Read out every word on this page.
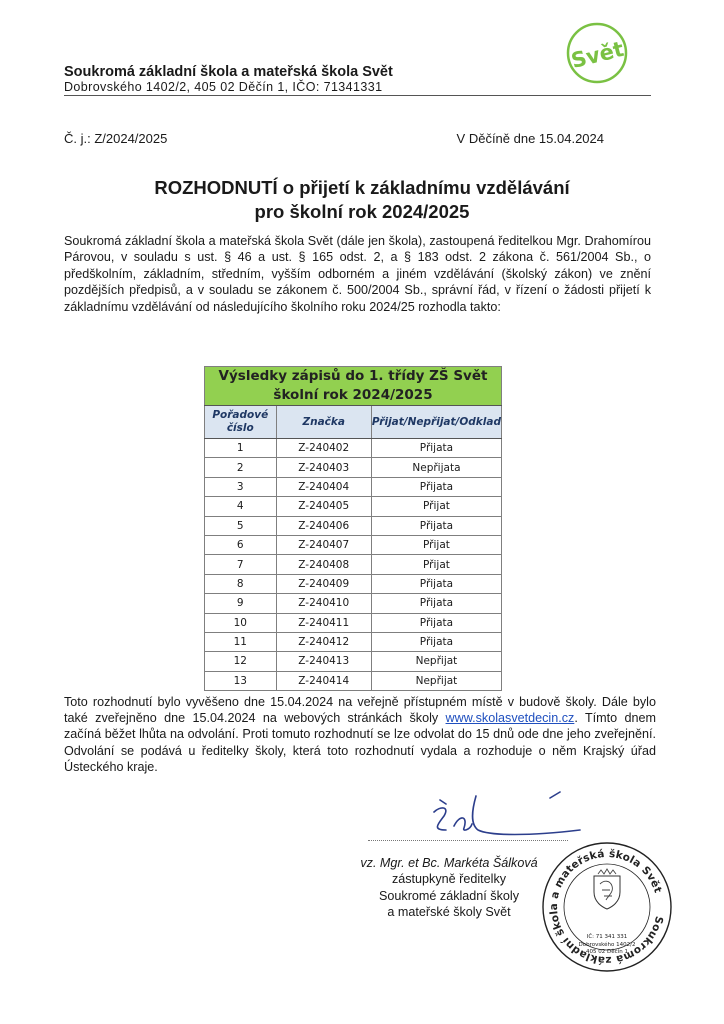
Soukromá základní škola a mateřská škola Svět
Dobrovského 1402/2, 405 02 Děčín 1, IČO: 71341331
Svět
Č. j.: Z/2024/2025	V Děčíně dne 15.04.2024
ROZHODNUTÍ o přijetí k základnímu vzdělávání
pro školní rok 2024/2025
Soukromá základní škola a mateřská škola Svět (dále jen škola), zastoupená ředitelkou Mgr. Drahomírou Párovou, v souladu s ust. § 46 a ust. § 165 odst. 2, a § 183 odst. 2 zákona č. 561/2004 Sb., o předškolním, základním, středním, vyšším odborném a jiném vzdělávání (školský zákon) ve znění pozdějších předpisů, a v souladu se zákonem č. 500/2004 Sb., správní řád, v řízení o žádosti přijetí k základnímu vzdělávání od následujícího školního roku 2024/25 rozhodla takto:
Výsledky zápisů do 1. třídy ZŠ Svět
školní rok 2024/2025		

Pořadové číslo	Značka	Přijat/Nepřijat/Odklad
1	Z-240402	Přijata
2	Z-240403	Nepřijata
3	Z-240404	Přijata
4	Z-240405	Přijat
5	Z-240406	Přijata
6	Z-240407	Přijat
7	Z-240408	Přijat
8	Z-240409	Přijata
9	Z-240410	Přijata
10	Z-240411	Přijata
11	Z-240412	Přijata
12	Z-240413	Nepřijat
13	Z-240414	Nepřijat
Toto rozhodnutí bylo vyvěšeno dne 15.04.2024 na veřejně přístupném místě v budově školy. Dále bylo také zveřejněno dne 15.04.2024 na webových stránkách školy www.skolasvetdecin.cz. Tímto dnem začíná běžet lhůta na odvolání. Proti tomuto rozhodnutí se lze odvolat do 15 dnů ode dne jeho zveřejnění. Odvolání se podává u ředitelky školy, která toto rozhodnutí vydala a rozhoduje o něm Krajský úřad Ústeckého kraje.
vz. Mgr. et Bc. Markéta Šálková
zástupkyně ředitelky
Soukromé základní školy
a mateřské školy Svět
Soukromá základní škola a mateřská škola Svět
IČ: 71 341 331
Dobrovského 1402/2
405 02 Děčín 1
